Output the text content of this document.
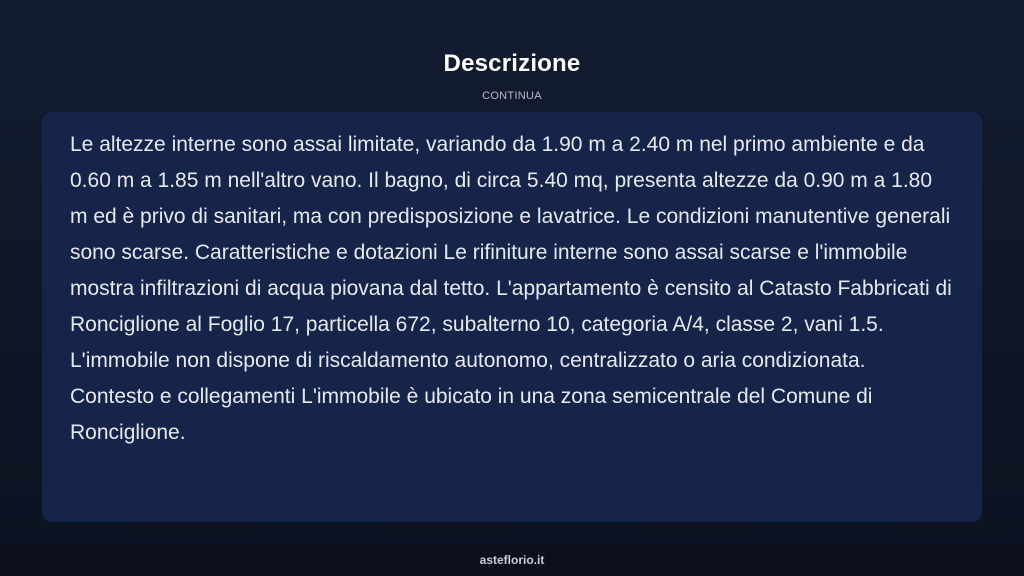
Descrizione
CONTINUA

Le altezze interne sono assai limitate, variando da 1.90 m a 2.40 m nel primo ambiente e da 0.60 m a 1.85 m nell'altro vano. Il bagno, di circa 5.40 mq, presenta altezze da 0.90 m a 1.80 m ed è privo di sanitari, ma con predisposizione e lavatrice. Le condizioni manutentive generali sono scarse. Caratteristiche e dotazioni Le rifiniture interne sono assai scarse e l'immobile mostra infiltrazioni di acqua piovana dal tetto. L'appartamento è censito al Catasto Fabbricati di Ronciglione al Foglio 17, particella 672, subalterno 10, categoria A/4, classe 2, vani 1.5. L'immobile non dispone di riscaldamento autonomo, centralizzato o aria condizionata. Contesto e collegamenti L'immobile è ubicato in una zona semicentrale del Comune di Ronciglione.

asteflorio.it
